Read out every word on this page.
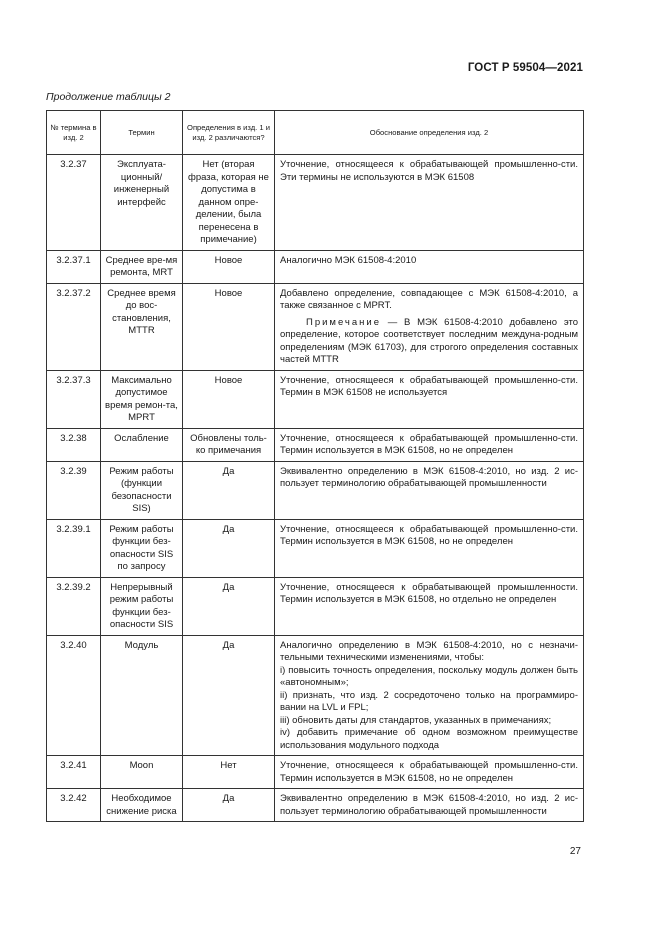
ГОСТ Р 59504—2021
Продолжение таблицы 2
№ термина в изд. 2	Термин	Определения в изд. 1 и изд. 2 различаются?	Обоснование определения изд. 2
3.2.37	Эксплуата-ционный/ инженерный интерфейс	Нет (вторая фраза, которая не допустима в данном опре-делении, была перенесена в примечание)	Уточнение, относящееся к обрабатывающей промышленно-сти. Эти термины не используются в МЭК 61508

3.2.37.1	Среднее вре-мя ремонта, MRT	Новое	Аналогично МЭК 61508-4:2010

3.2.37.2	Среднее время до вос-становления, MTTR	Новое	Добавлено определение, совпадающее с МЭК 61508-4:2010, а также связанное с MPRT.
Примечание — В МЭК 61508-4:2010 добавлено это определение, которое соответствует последним междуна-родным определениям (МЭК 61703), для строгого определения составных частей MTTR

3.2.37.3	Максимально допустимое время ремон-та, MPRT	Новое	Уточнение, относящееся к обрабатывающей промышленно-сти. Термин в МЭК 61508 не используется

3.2.38	Ослабление	Обновлены толь-ко примечания	Уточнение, относящееся к обрабатывающей промышленно-сти. Термин используется в МЭК 61508, но не определен

3.2.39	Режим работы (функции безопасности SIS)	Да	Эквивалентно определению в МЭК 61508-4:2010, но изд. 2 ис-пользует терминологию обрабатывающей промышленности

3.2.39.1	Режим работы функции без-опасности SIS по запросу	Да	Уточнение, относящееся к обрабатывающей промышленно-сти. Термин используется в МЭК 61508, но не определен

3.2.39.2	Непрерывный режим работы функции без-опасности SIS	Да	Уточнение, относящееся к обрабатывающей промышленности. Термин используется в МЭК 61508, но отдельно не определен

3.2.40	Модуль	Да	Аналогично определению в МЭК 61508-4:2010, но с незначи-тельными техническими изменениями, чтобы:
i) повысить точность определения, поскольку модуль должен быть «автономным»;
ii) признать, что изд. 2 сосредоточено только на программиро-вании на LVL и FPL;
iii) обновить даты для стандартов, указанных в примечаниях;
iv) добавить примечание об одном возможном преимуществе использования модульного подхода

3.2.41	Moon	Нет	Уточнение, относящееся к обрабатывающей промышленно-сти. Термин используется в МЭК 61508, но не определен

3.2.42	Необходимое снижение риска	Да	Эквивалентно определению в МЭК 61508-4:2010, но изд. 2 ис-пользует терминологию обрабатывающей промышленности
27
